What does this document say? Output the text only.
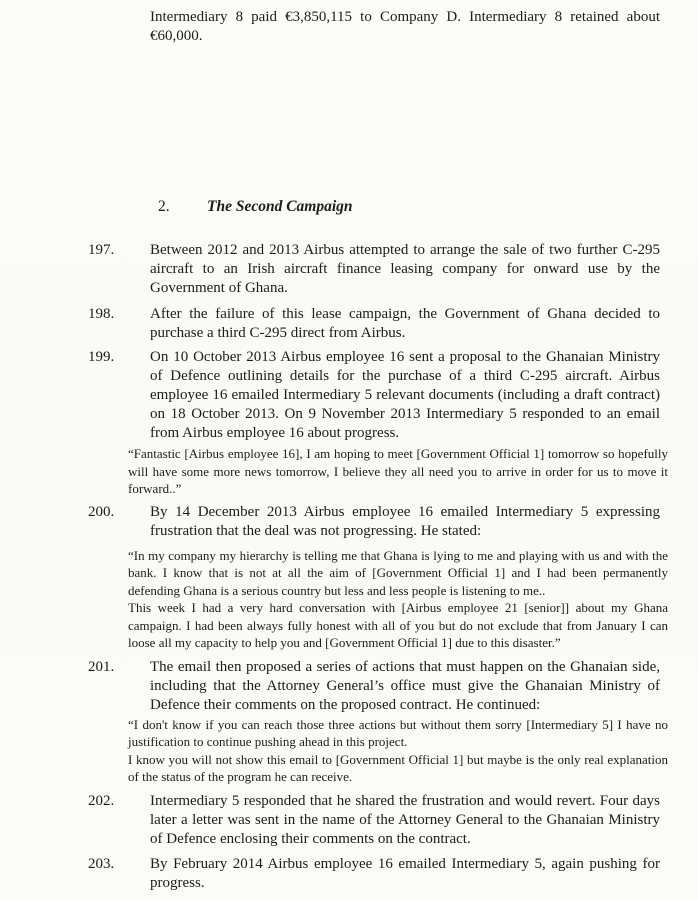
Intermediary 8 paid €3,850,115 to Company D. Intermediary 8 retained about €60,000.

2. The Second Campaign
197. Between 2012 and 2013 Airbus attempted to arrange the sale of two further C-295 aircraft to an Irish aircraft finance leasing company for onward use by the Government of Ghana.
198. After the failure of this lease campaign, the Government of Ghana decided to purchase a third C-295 direct from Airbus.
199. On 10 October 2013 Airbus employee 16 sent a proposal to the Ghanaian Ministry of Defence outlining details for the purchase of a third C-295 aircraft. Airbus employee 16 emailed Intermediary 5 relevant documents (including a draft contract) on 18 October 2013. On 9 November 2013 Intermediary 5 responded to an email from Airbus employee 16 about progress.

“Fantastic [Airbus employee 16], I am hoping to meet [Government Official 1] tomorrow so hopefully will have some more news tomorrow, I believe they all need you to arrive in order for us to move it forward..”

200. By 14 December 2013 Airbus employee 16 emailed Intermediary 5 expressing frustration that the deal was not progressing. He stated:

“In my company my hierarchy is telling me that Ghana is lying to me and playing with us and with the bank. I know that is not at all the aim of [Government Official 1] and I had been permanently defending Ghana is a serious country but less and less people is listening to me..

This week I had a very hard conversation with [Airbus employee 21 [senior]] about my Ghana campaign. I had been always fully honest with all of you but do not exclude that from January I can loose all my capacity to help you and [Government Official 1] due to this disaster.”

201. The email then proposed a series of actions that must happen on the Ghanaian side, including that the Attorney General’s office must give the Ghanaian Ministry of Defence their comments on the proposed contract. He continued:

“I don't know if you can reach those three actions but without them sorry [Intermediary 5] I have no justification to continue pushing ahead in this project.

I know you will not show this email to [Government Official 1] but maybe is the only real explanation of the status of the program he can receive.

202. Intermediary 5 responded that he shared the frustration and would revert. Four days later a letter was sent in the name of the Attorney General to the Ghanaian Ministry of Defence enclosing their comments on the contract.
203. By February 2014 Airbus employee 16 emailed Intermediary 5, again pushing for progress.
